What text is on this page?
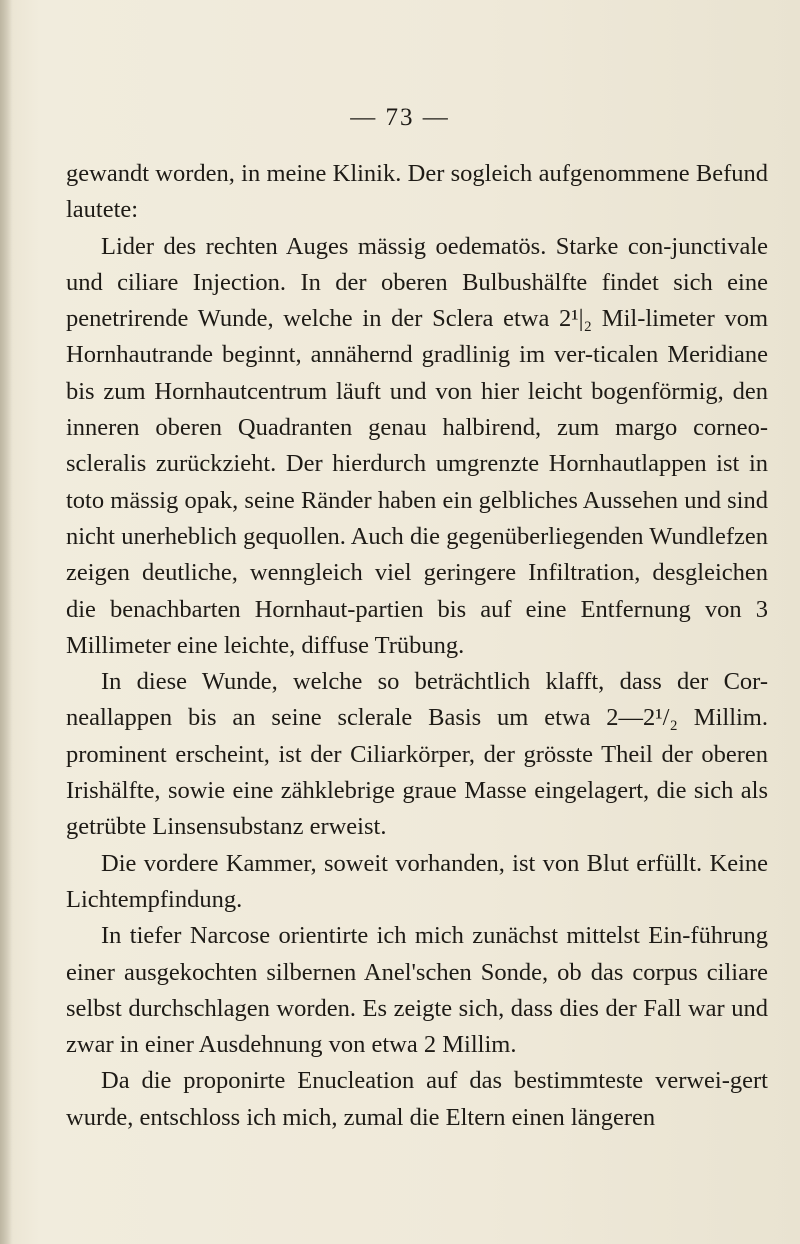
— 73 —

gewandt worden, in meine Klinik. Der sogleich aufgenommene Befund lautete:

Lider des rechten Auges mässig oedematös. Starke con-junctivale und ciliare Injection. In der oberen Bulbushälfte findet sich eine penetrirende Wunde, welche in der Sclera etwa 2¹|₂ Mil-limeter vom Hornhautrande beginnt, annähernd gradlinig im ver-ticalen Meridiane bis zum Hornhautcentrum läuft und von hier leicht bogenförmig, den inneren oberen Quadranten genau halbirend, zum margo corneo-scleralis zurückzieht. Der hierdurch umgrenzte Hornhautlappen ist in toto mässig opak, seine Ränder haben ein gelbliches Aussehen und sind nicht unerheblich gequollen. Auch die gegenüberliegenden Wundlefzen zeigen deutliche, wenngleich viel geringere Infiltration, desgleichen die benachbarten Hornhaut-partien bis auf eine Entfernung von 3 Millimeter eine leichte, diffuse Trübung.

In diese Wunde, welche so beträchtlich klafft, dass der Cor-neallappen bis an seine sclerale Basis um etwa 2—2¹/₂ Millim. prominent erscheint, ist der Ciliarkörper, der grösste Theil der oberen Irishälfte, sowie eine zähklebrige graue Masse eingelagert, die sich als getrübte Linsensubstanz erweist.

Die vordere Kammer, soweit vorhanden, ist von Blut erfüllt. Keine Lichtempfindung.

In tiefer Narcose orientirte ich mich zunächst mittelst Ein-führung einer ausgekochten silbernen Anel'schen Sonde, ob das corpus ciliare selbst durchschlagen worden. Es zeigte sich, dass dies der Fall war und zwar in einer Ausdehnung von etwa 2 Millim.

Da die proponirte Enucleation auf das bestimmteste verwei-gert wurde, entschloss ich mich, zumal die Eltern einen längeren
